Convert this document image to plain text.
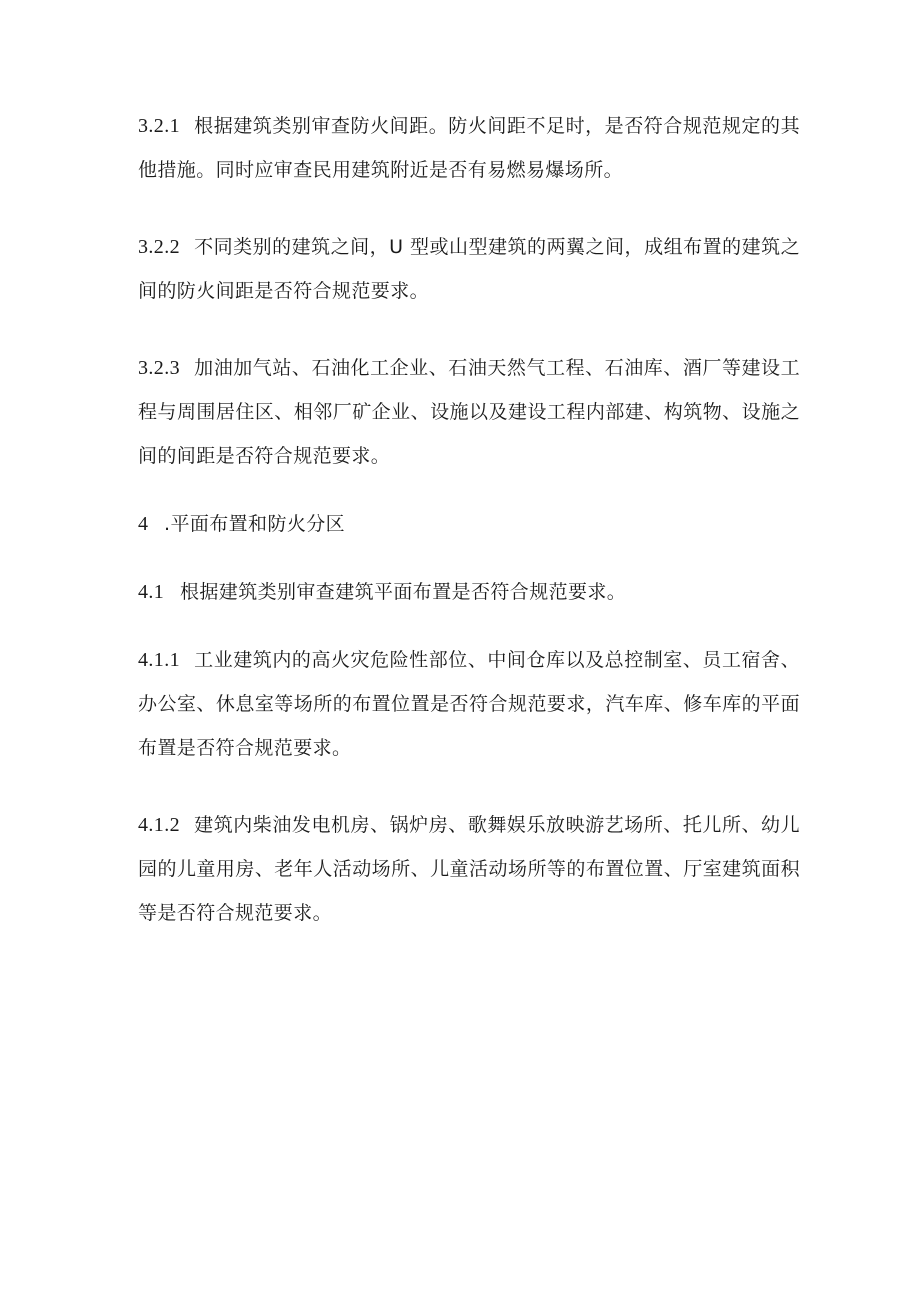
3.2.1 根据建筑类别审查防火间距。防火间距不足时，是否符合规范规定的其他措施。同时应审查民用建筑附近是否有易燃易爆场所。

3.2.2 不同类别的建筑之间，U 型或山型建筑的两翼之间，成组布置的建筑之间的防火间距是否符合规范要求。

3.2.3 加油加气站、石油化工企业、石油天然气工程、石油库、酒厂等建设工程与周围居住区、相邻厂矿企业、设施以及建设工程内部建、构筑物、设施之间的间距是否符合规范要求。

4 .平面布置和防火分区

4.1 根据建筑类别审查建筑平面布置是否符合规范要求。

4.1.1 工业建筑内的高火灾危险性部位、中间仓库以及总控制室、员工宿舍、办公室、休息室等场所的布置位置是否符合规范要求，汽车库、修车库的平面布置是否符合规范要求。

4.1.2 建筑内柴油发电机房、锅炉房、歌舞娱乐放映游艺场所、托儿所、幼儿园的儿童用房、老年人活动场所、儿童活动场所等的布置位置、厅室建筑面积等是否符合规范要求。
